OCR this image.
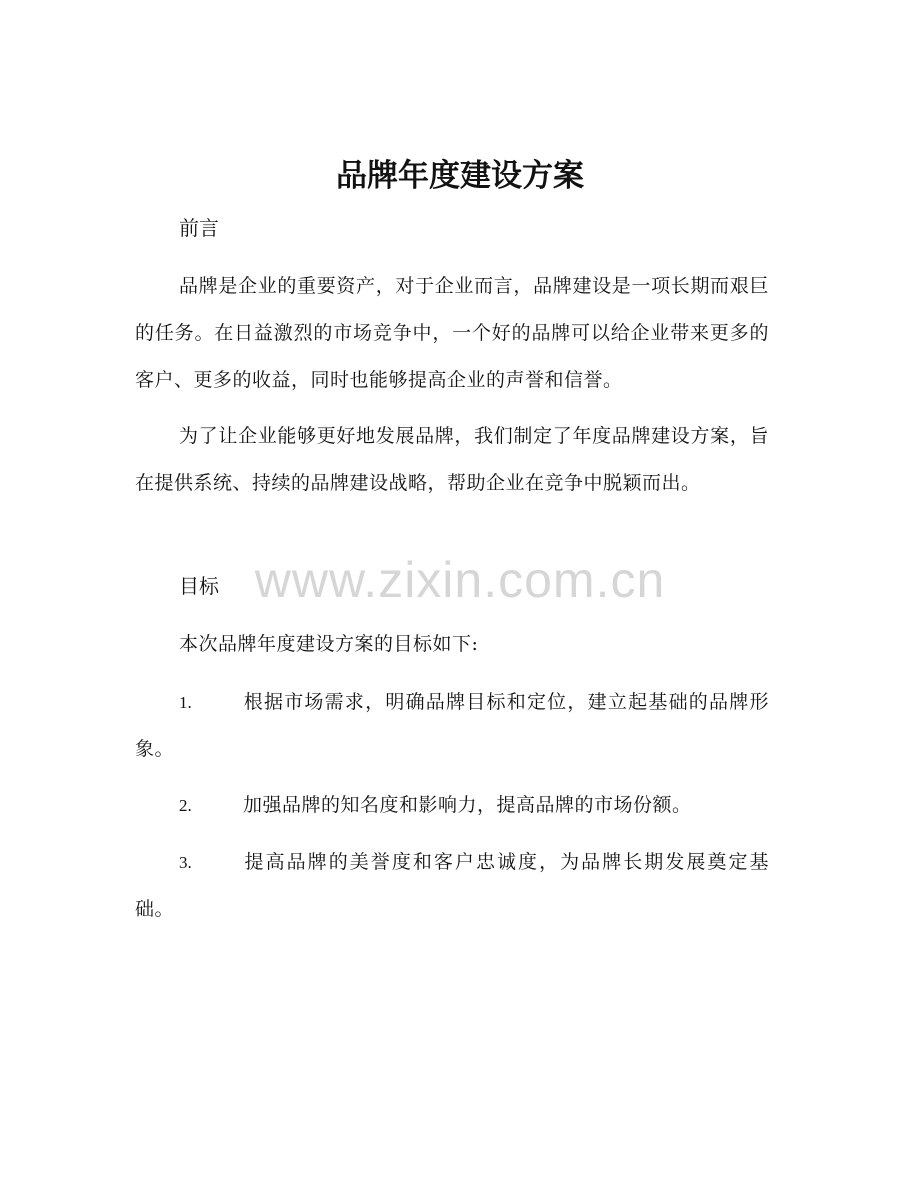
品牌年度建设方案
前言

品牌是企业的重要资产，对于企业而言，品牌建设是一项长期而艰巨的任务。在日益激烈的市场竞争中，一个好的品牌可以给企业带来更多的客户、更多的收益，同时也能够提高企业的声誉和信誉。

为了让企业能够更好地发展品牌，我们制定了年度品牌建设方案，旨在提供系统、持续的品牌建设战略，帮助企业在竞争中脱颖而出。

目标

本次品牌年度建设方案的目标如下:

1.	根据市场需求，明确品牌目标和定位，建立起基础的品牌形象。

2.	加强品牌的知名度和影响力，提高品牌的市场份额。

3.	提高品牌的美誉度和客户忠诚度，为品牌长期发展奠定基础。

www.zixin.com.cn
